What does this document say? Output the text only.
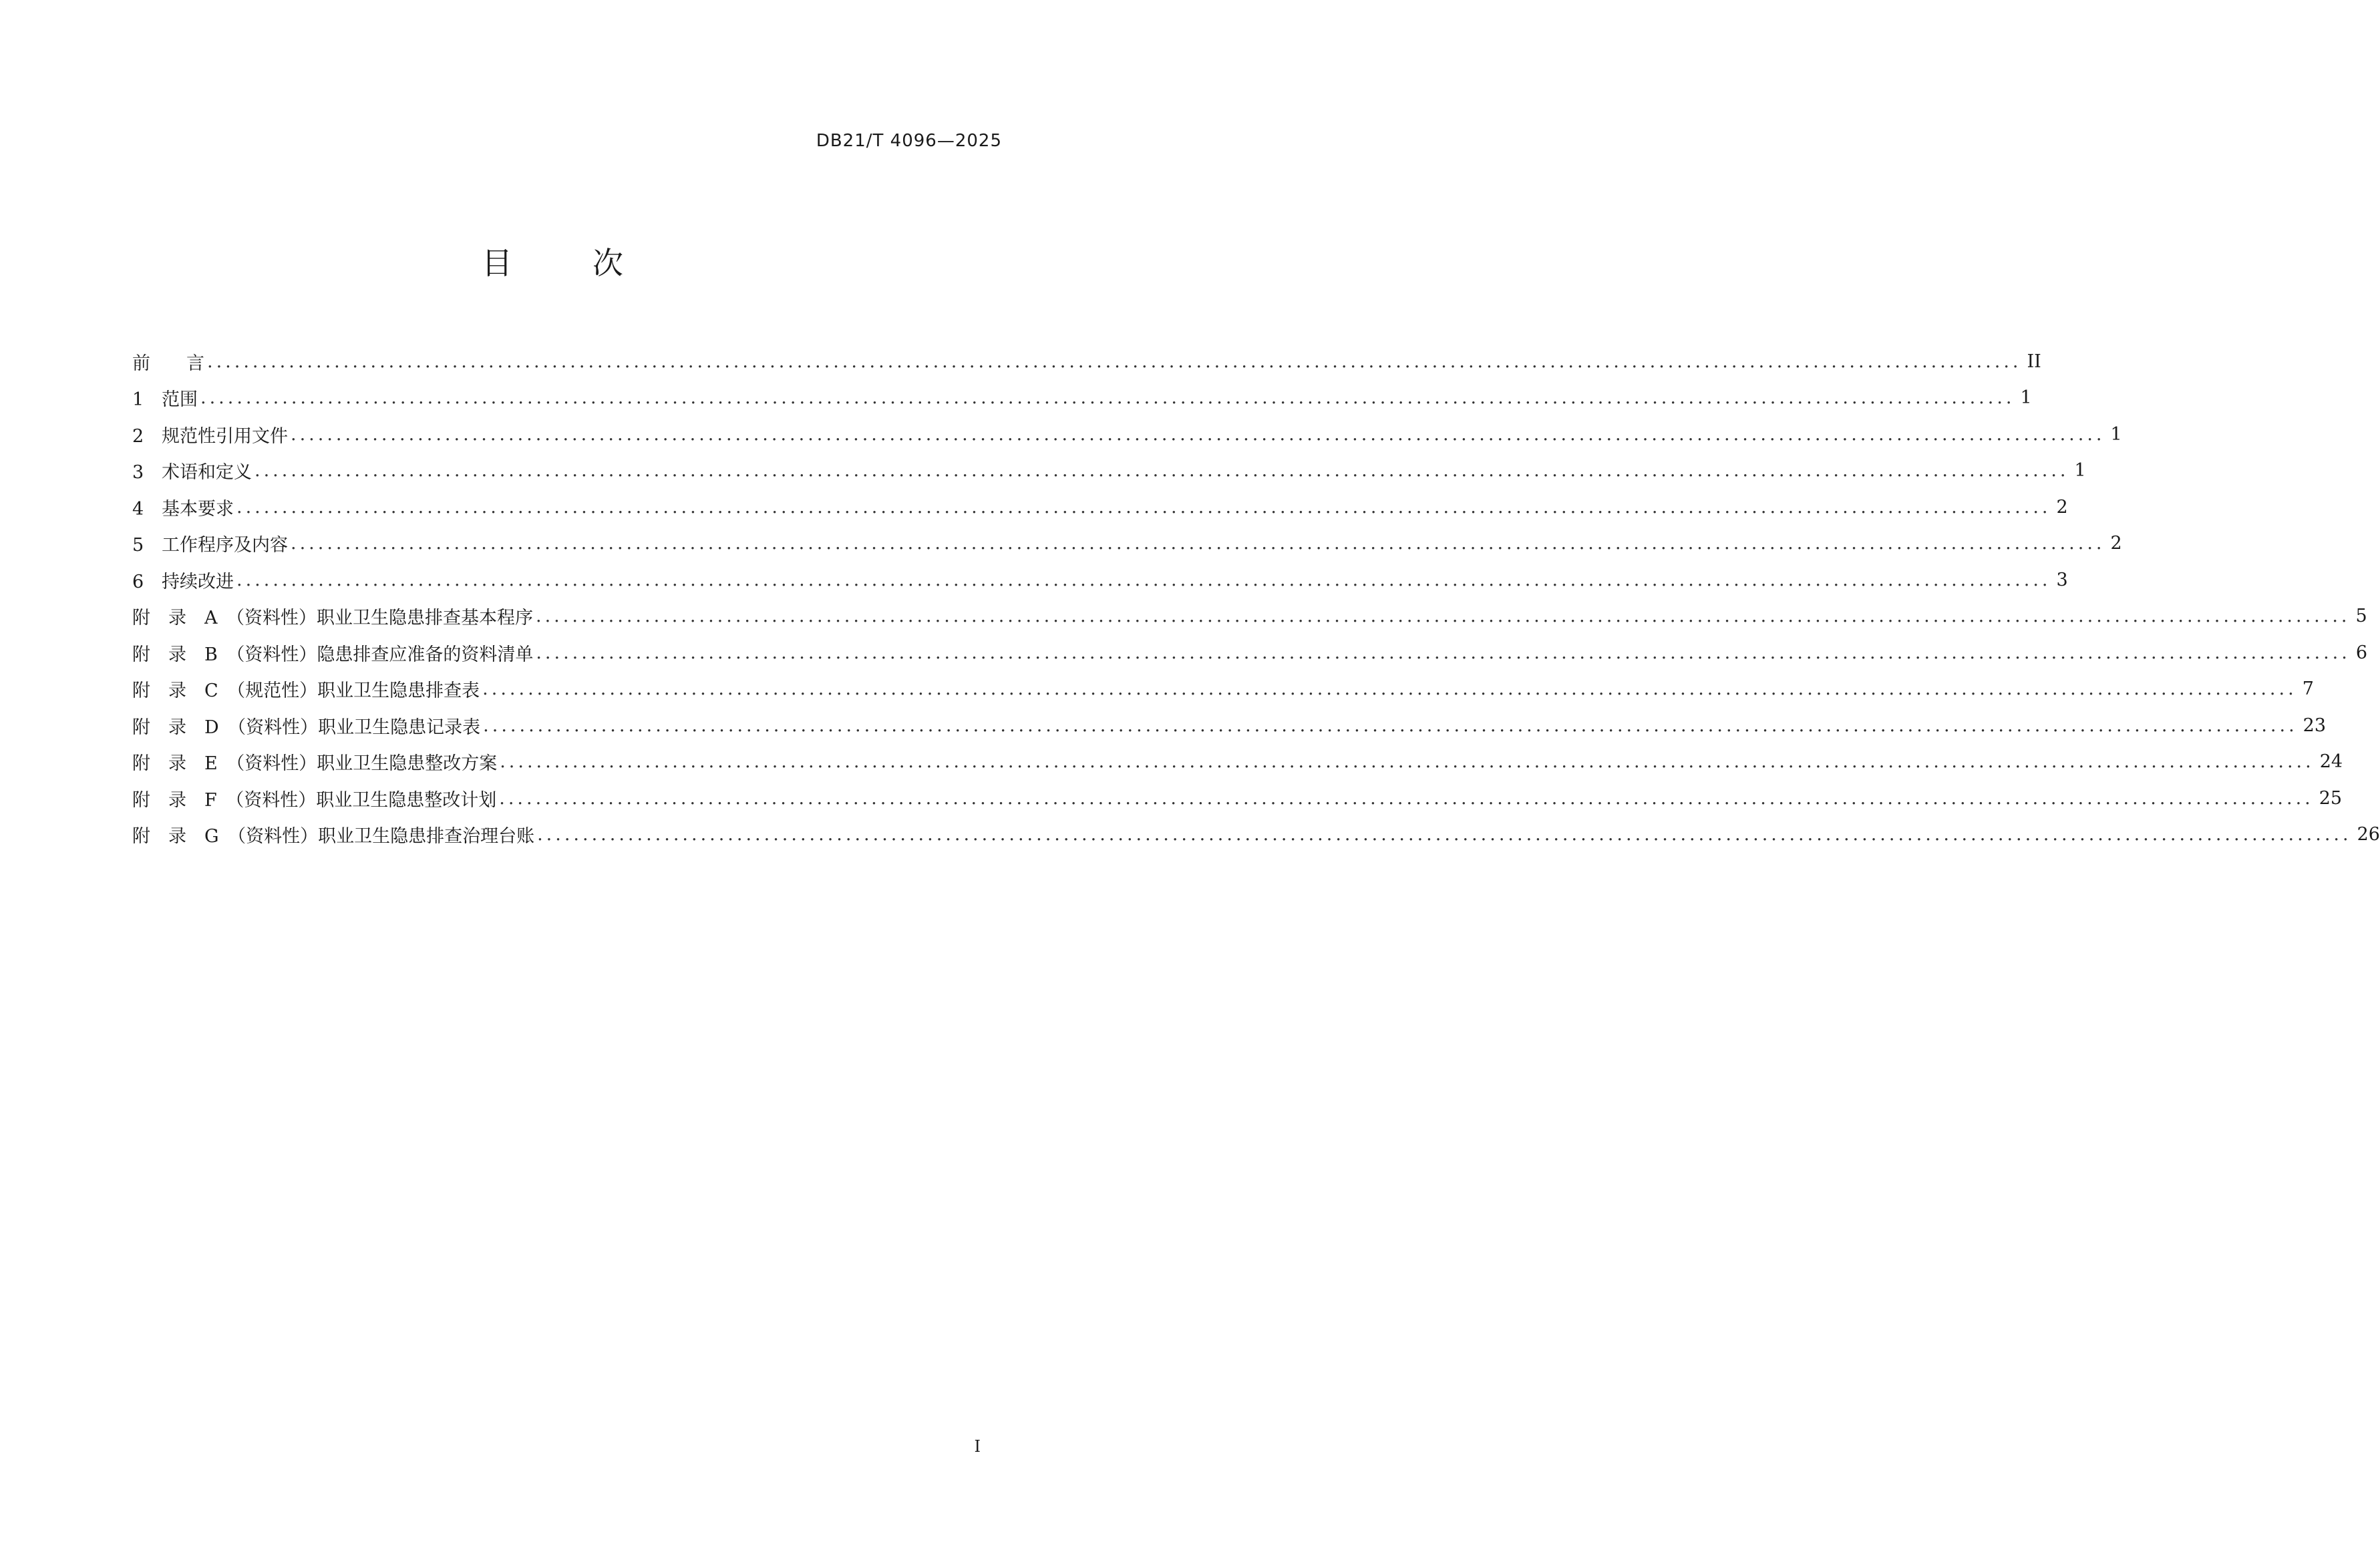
DB21/T 4096—2025
目次
前　　言 ........................................................................................................................................................................................................ II
1 范围 ........................................................................................................................................................................................................ 1
2 规范性引用文件 ........................................................................................................................................................................................................ 1
3 术语和定义 ........................................................................................................................................................................................................ 1
4 基本要求 ........................................................................................................................................................................................................ 2
5 工作程序及内容 ........................................................................................................................................................................................................ 2
6 持续改进 ........................................................................................................................................................................................................ 3
附　录　A　（资料性）职业卫生隐患排查基本程序 ........................................................................................................................................................................................................ 5
附　录　B　（资料性）隐患排查应准备的资料清单 ........................................................................................................................................................................................................ 6
附　录　C　（规范性）职业卫生隐患排查表 ........................................................................................................................................................................................................ 7
附　录　D　（资料性）职业卫生隐患记录表 ........................................................................................................................................................................................................ 23
附　录　E　（资料性）职业卫生隐患整改方案 ........................................................................................................................................................................................................ 24
附　录　F　（资料性）职业卫生隐患整改计划 ........................................................................................................................................................................................................ 25
附　录　G　（资料性）职业卫生隐患排查治理台账 ........................................................................................................................................................................................................ 26
I
